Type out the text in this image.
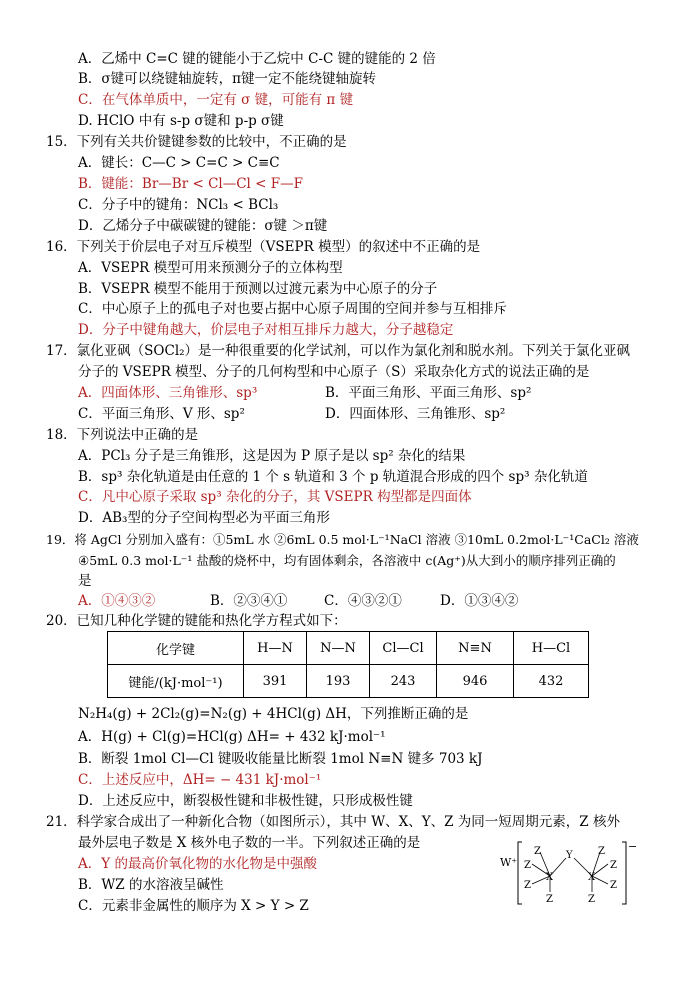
A．乙烯中 C=C 键的键能小于乙烷中 C-C 键的键能的 2 倍
B．σ键可以绕键轴旋转，π键一定不能绕键轴旋转
C．在气体单质中，一定有 σ 键，可能有 π 键
D. HClO 中有 s-p σ键和 p-p σ键
15．下列有关共价键键参数的比较中，不正确的是
A．键长：C—C > C=C > C≡C
B．键能：Br—Br < Cl—Cl < F—F
C．分子中的键角：NCl₃ < BCl₃
D．乙烯分子中碳碳键的键能：σ键 ＞π键
16．下列关于价层电子对互斥模型（VSEPR 模型）的叙述中不正确的是
A．VSEPR 模型可用来预测分子的立体构型
B．VSEPR 模型不能用于预测以过渡元素为中心原子的分子
C．中心原子上的孤电子对也要占据中心原子周围的空间并参与互相排斥
D．分子中键角越大，价层电子对相互排斥力越大，分子越稳定
17．氯化亚砜（SOCl₂）是一种很重要的化学试剂，可以作为氯化剂和脱水剂。下列关于氯化亚砜
分子的 VSEPR 模型、分子的几何构型和中心原子（S）采取杂化方式的说法正确的是
A．四面体形、三角锥形、sp³	B．平面三角形、平面三角形、sp²
C．平面三角形、V 形、sp²	D．四面体形、三角锥形、sp²
18．下列说法中正确的是
A．PCl₃ 分子是三角锥形，这是因为 P 原子是以 sp² 杂化的结果
B．sp³ 杂化轨道是由任意的 1 个 s 轨道和 3 个 p 轨道混合形成的四个 sp³ 杂化轨道
C．凡中心原子采取 sp³ 杂化的分子，其 VSEPR 构型都是四面体
D．AB₃型的分子空间构型必为平面三角形
19．将 AgCl 分别加入盛有：①5mL 水 ②6mL 0.5 mol·L⁻¹NaCl 溶液 ③10mL 0.2mol·L⁻¹CaCl₂ 溶液
④5mL 0.3 mol·L⁻¹ 盐酸的烧杯中，均有固体剩余，各溶液中 c(Ag⁺)从大到小的顺序排列正确的
是
A．①④③②	B．②③④①	C．④③②①	D．①③④②
20．已知几种化学键的键能和热化学方程式如下：
化学键	H—N	N—N	Cl—Cl	N≡N	H—Cl
键能/(kJ·mol⁻¹)	391	193	243	946	432
N₂H₄(g) + 2Cl₂(g)=N₂(g) + 4HCl(g) ΔH，下列推断正确的是
A．H(g) + Cl(g)=HCl(g) ΔH= + 432 kJ·mol⁻¹
B．断裂 1mol Cl—Cl 键吸收能量比断裂 1mol N≡N 键多 703 kJ
C．上述反应中，ΔH= − 431 kJ·mol⁻¹
D．上述反应中，断裂极性键和非极性键，只形成极性键
21．科学家合成出了一种新化合物（如图所示），其中 W、X、Y、Z 为同一短周期元素，Z 核外
最外层电子数是 X 核外电子数的一半。下列叙述正确的是
A．Y 的最高价氧化物的水化物是中强酸
B．WZ 的水溶液呈碱性
C．元素非金属性的顺序为 X > Y > Z
W⁺
−
Y
X	X
Z
Z
Z
Z
Z
Z
Z
Z
